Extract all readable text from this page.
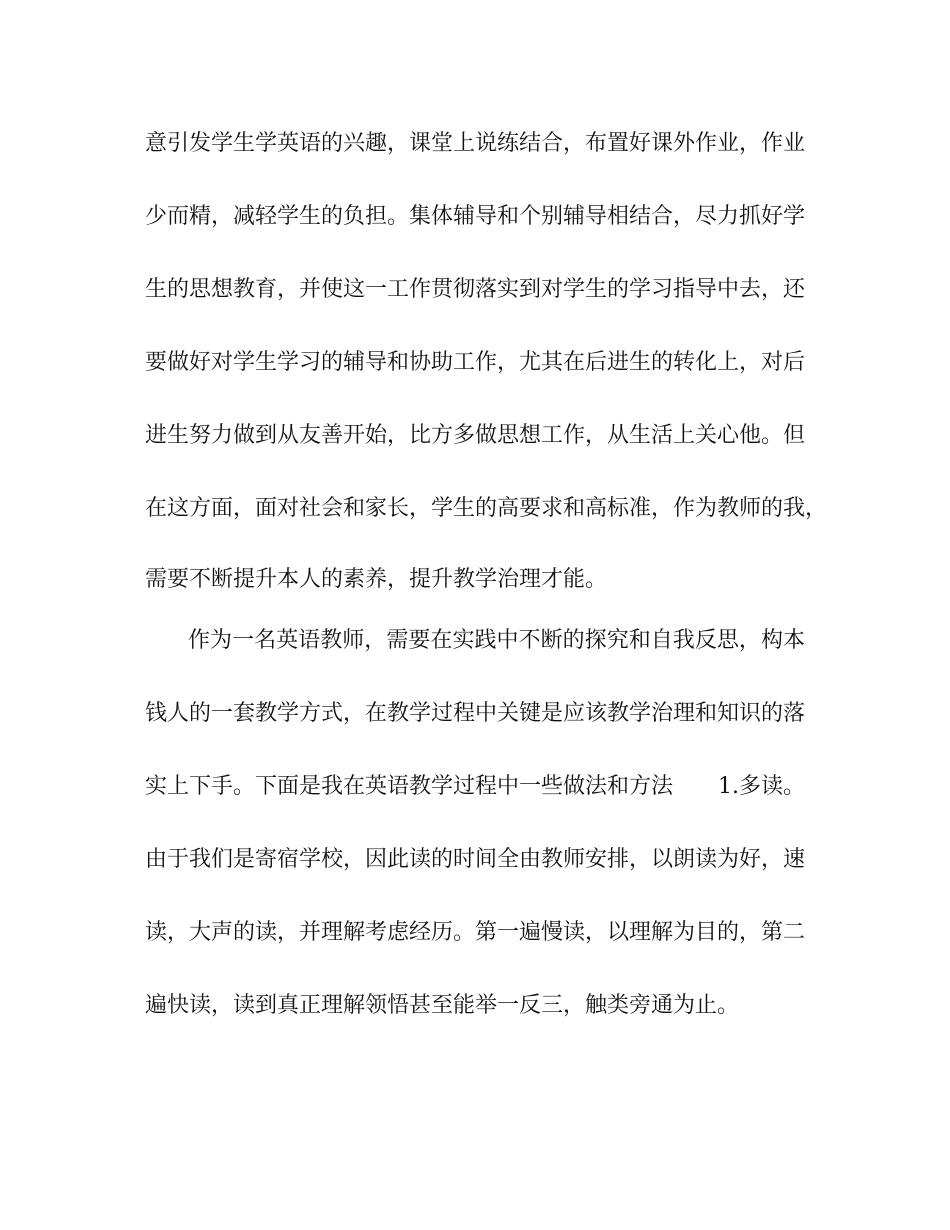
意引发学生学英语的兴趣，课堂上说练结合，布置好课外作业，作业
少而精，减轻学生的负担。集体辅导和个别辅导相结合，尽力抓好学
生的思想教育，并使这一工作贯彻落实到对学生的学习指导中去，还
要做好对学生学习的辅导和协助工作，尤其在后进生的转化上，对后
进生努力做到从友善开始，比方多做思想工作，从生活上关心他。但
在这方面，面对社会和家长，学生的高要求和高标准，作为教师的我，
需要不断提升本人的素养，提升教学治理才能。
作为一名英语教师，需要在实践中不断的探究和自我反思，构本
钱人的一套教学方式，在教学过程中关键是应该教学治理和知识的落
实上下手。下面是我在英语教学过程中一些做法和方法 1.多读。
由于我们是寄宿学校，因此读的时间全由教师安排，以朗读为好，速
读，大声的读，并理解考虑经历。第一遍慢读，以理解为目的，第二
遍快读，读到真正理解领悟甚至能举一反三，触类旁通为止。
